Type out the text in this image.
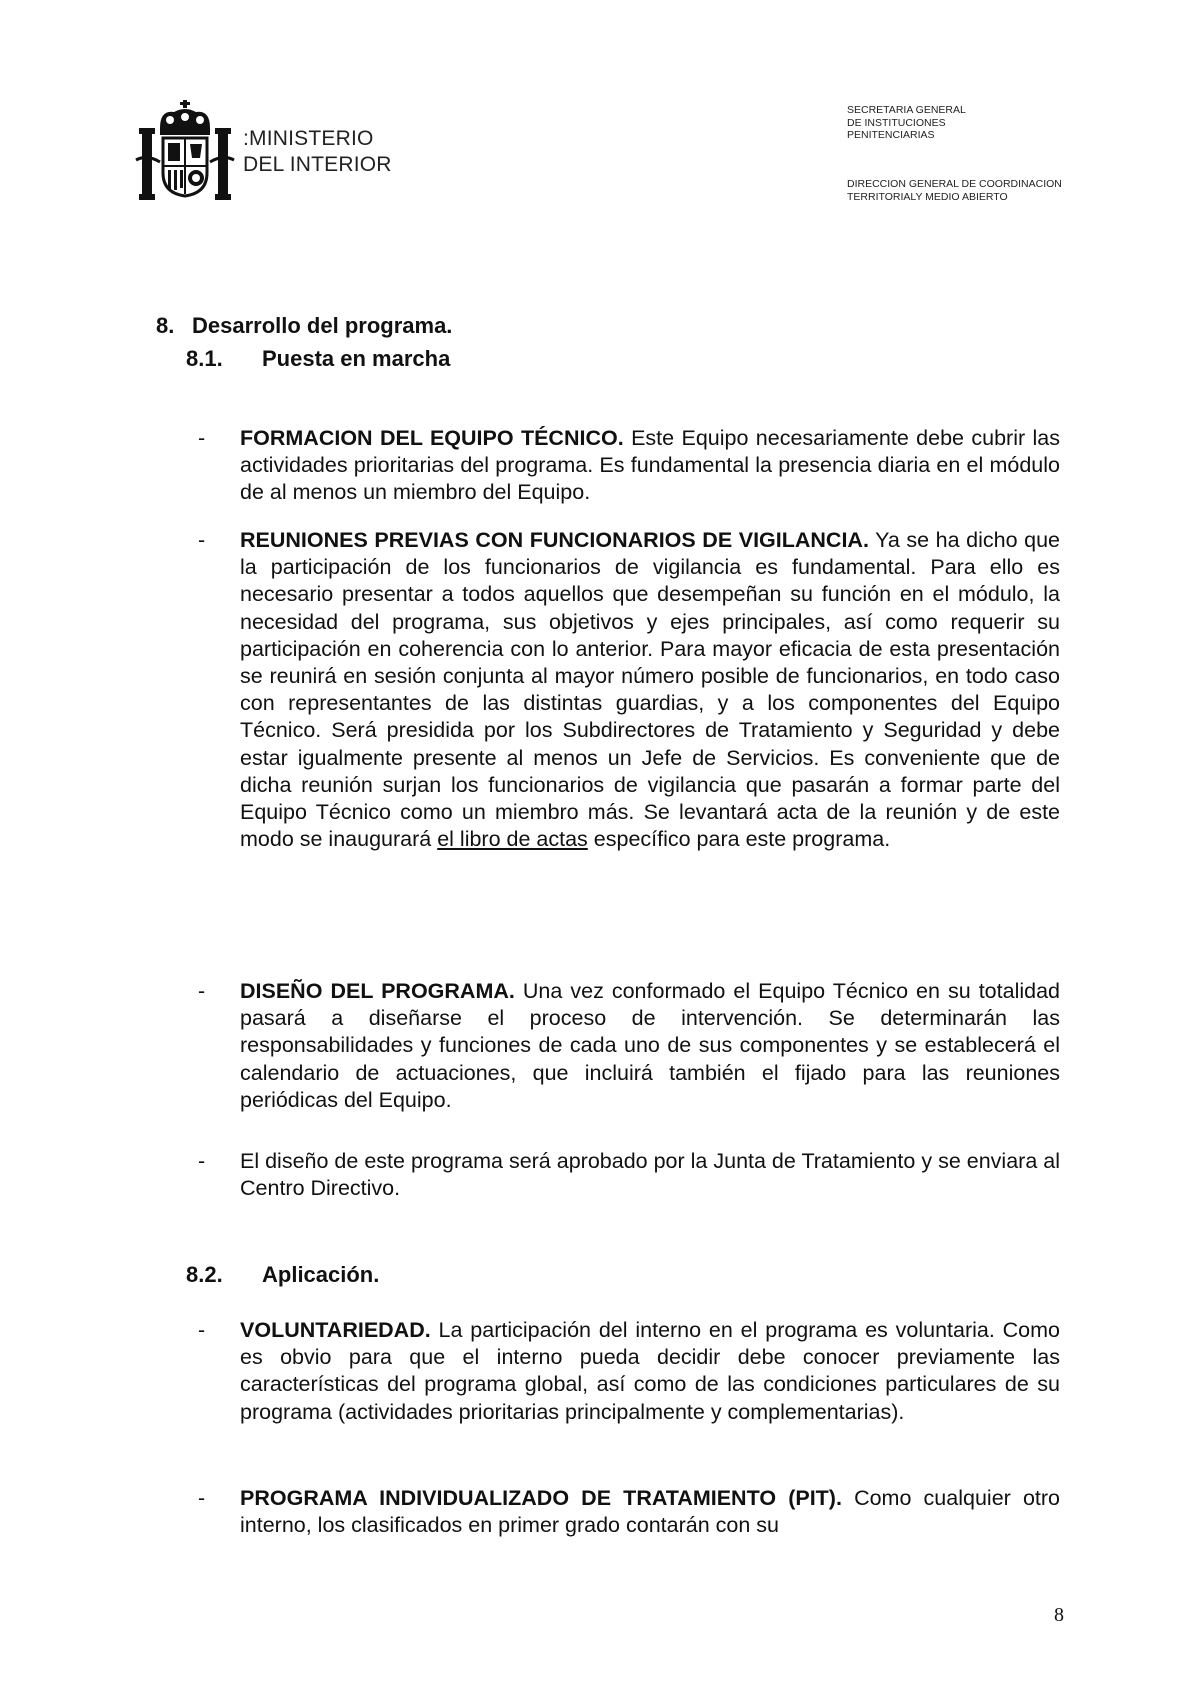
:MINISTERIO
DEL INTERIOR
SECRETARIA GENERAL
DE INSTITUCIONES
PENITENCIARIAS
DIRECCION GENERAL DE COORDINACION
TERRITORIALY MEDIO ABIERTO
8. Desarrollo del programa.
8.1. Puesta en marcha
-	FORMACION DEL EQUIPO TÉCNICO. Este Equipo necesariamente debe cubrir las actividades prioritarias del programa. Es fundamental la presencia diaria en el módulo de al menos un miembro del Equipo.
-	REUNIONES PREVIAS CON FUNCIONARIOS DE VIGILANCIA. Ya se ha dicho que la participación de los funcionarios de vigilancia es fundamental. Para ello es necesario presentar a todos aquellos que desempeñan su función en el módulo, la necesidad del programa, sus objetivos y ejes principales, así como requerir su participación en coherencia con lo anterior. Para mayor eficacia de esta presentación se reunirá en sesión conjunta al mayor número posible de funcionarios, en todo caso con representantes de las distintas guardias, y a los componentes del Equipo Técnico. Será presidida por los Subdirectores de Tratamiento y Seguridad y debe estar igualmente presente al menos un Jefe de Servicios. Es conveniente que de dicha reunión surjan los funcionarios de vigilancia que pasarán a formar parte del Equipo Técnico como un miembro más. Se levantará acta de la reunión y de este modo se inaugurará el libro de actas específico para este programa.
-	DISEÑO DEL PROGRAMA. Una vez conformado el Equipo Técnico en su totalidad pasará a diseñarse el proceso de intervención. Se determinarán las responsabilidades y funciones de cada uno de sus componentes y se establecerá el calendario de actuaciones, que incluirá también el fijado para las reuniones periódicas del Equipo.
-	El diseño de este programa será aprobado por la Junta de Tratamiento y se enviara al Centro Directivo.
8.2. Aplicación.
-	VOLUNTARIEDAD. La participación del interno en el programa es voluntaria. Como es obvio para que el interno pueda decidir debe conocer previamente las características del programa global, así como de las condiciones particulares de su programa (actividades prioritarias principalmente y complementarias).
-	PROGRAMA INDIVIDUALIZADO DE TRATAMIENTO (PIT). Como cualquier otro interno, los clasificados en primer grado contarán con su
8
